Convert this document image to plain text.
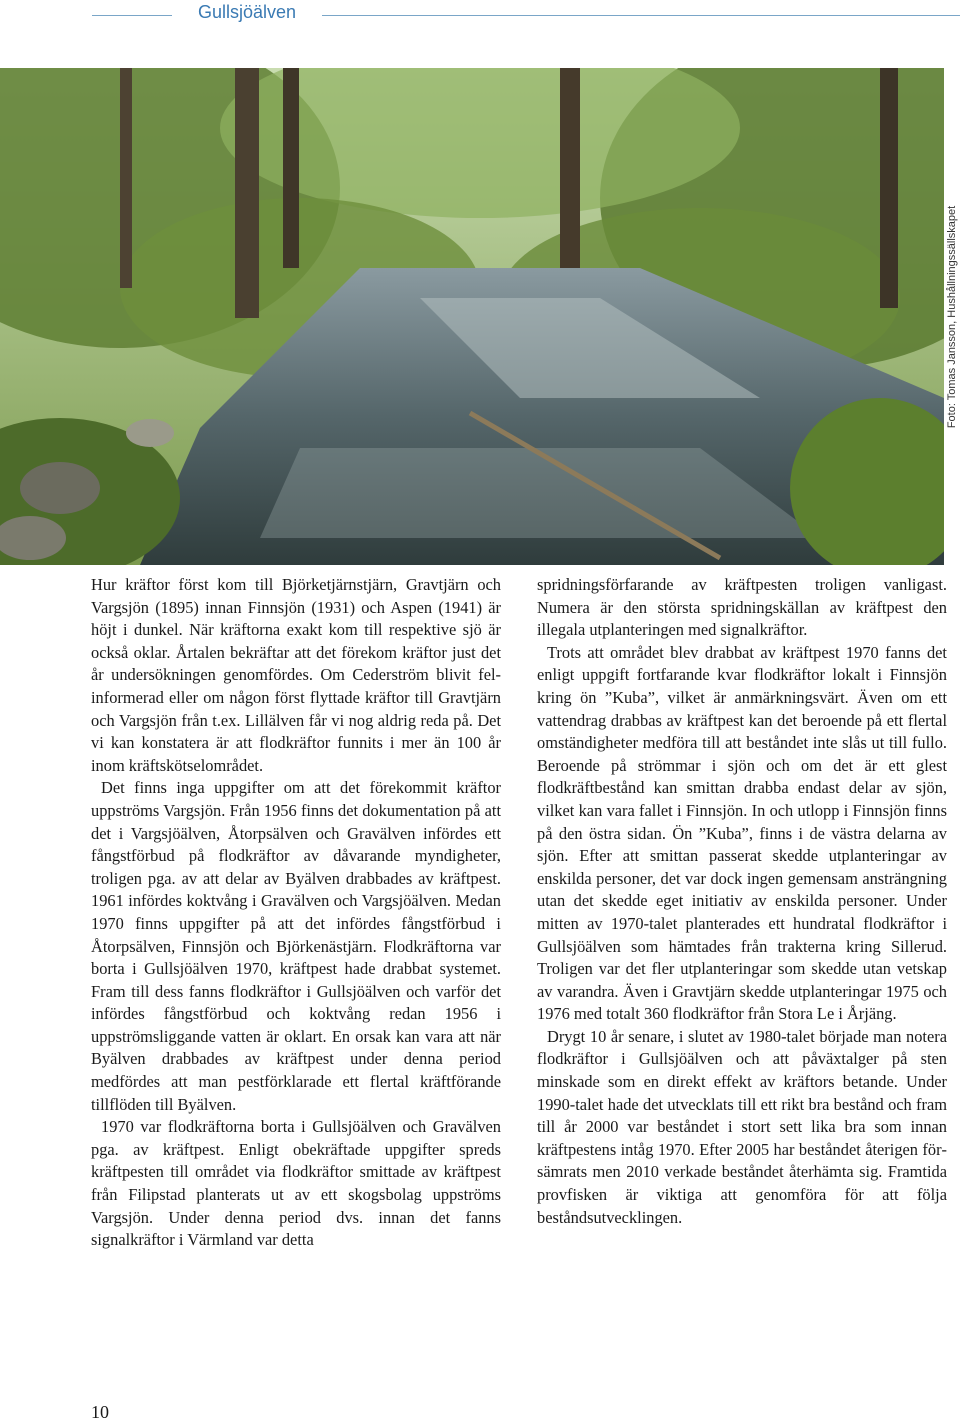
Gullsjöälven
Foto: Tomas Jansson, Hushållningssällskapet

Hur kräftor först kom till Björketjärnstjärn, Gravtjärn och Vargsjön (1895) innan Finnsjön (1931) och Aspen (1941) är höjt i dunkel. När kräftorna exakt kom till respektive sjö är också oklar. Årtalen bekräftar att det förekom kräftor just det år undersökningen genomfördes. Om Cederström blivit felinformerad eller om någon först flyttade kräftor till Gravtjärn och Vargsjön från t.ex. Lillälven får vi nog aldrig reda på. Det vi kan konstatera är att flodkräftor funnits i mer än 100 år inom kräftskötselområdet.

Det finns inga uppgifter om att det förekommit kräftor uppströms Vargsjön. Från 1956 finns det dokumentation på att det i Vargsjöälven, Åtorpsälven och Gravälven infördes ett fångstförbud på flodkräftor av dåvarande myndigheter, troligen pga. av att delar av Byälven drabbades av kräftpest. 1961 infördes koktvång i Gravälven och Vargsjöälven. Medan 1970 finns uppgifter på att det infördes fångstförbud i Åtorpsälven, Finnsjön och Björkenästjärn. Flodkräftorna var borta i Gullsjöälven 1970, kräftpest hade drabbat systemet. Fram till dess fanns flodkräftor i Gullsjöälven och varför det infördes fångstförbud och koktvång redan 1956 i uppströmsliggande vatten är oklart. En orsak kan vara att när Byälven drabbades av kräftpest under denna period medfördes att man pestförklarade ett flertal kräftförande tillflöden till Byälven.

1970 var flodkräftorna borta i Gullsjöälven och Gravälven pga. av kräftpest. Enligt obekräftade uppgifter spreds kräftpesten till området via flodkräftor smittade av kräftpest från Filipstad planterats ut av ett skogsbolag uppströms Vargsjön. Under denna period dvs. innan det fanns signalkräftor i Värmland var detta

spridningsförfarande av kräftpesten troligen vanligast. Numera är den största spridningskällan av kräftpest den illegala utplanteringen med signalkräftor.

Trots att området blev drabbat av kräftpest 1970 fanns det enligt uppgift fortfarande kvar flodkräftor lokalt i Finnsjön kring ön ”Kuba”, vilket är anmärkningsvärt. Även om ett vattendrag drabbas av kräftpest kan det beroende på ett flertal omständigheter medföra till att beståndet inte slås ut till fullo. Beroende på strömmar i sjön och om det är ett glest flodkräftbestånd kan smittan drabba endast delar av sjön, vilket kan vara fallet i Finnsjön. In och utlopp i Finnsjön finns på den östra sidan. Ön ”Kuba”, finns i de västra delarna av sjön. Efter att smittan passerat skedde utplanteringar av enskilda personer, det var dock ingen gemensam ansträngning utan det skedde eget initiativ av enskilda personer. Under mitten av 1970-talet planterades ett hundratal flodkräftor i Gullsjöälven som hämtades från trakterna kring Sillerud. Troligen var det fler utplanteringar som skedde utan vetskap av varandra. Även i Gravtjärn skedde utplanteringar 1975 och 1976 med totalt 360 flodkräftor från Stora Le i Årjäng.

Drygt 10 år senare, i slutet av 1980-talet började man notera flodkräftor i Gullsjöälven och att påväxtalger på sten minskade som en direkt effekt av kräftors betande. Under 1990-talet hade det utvecklats till ett rikt bra bestånd och fram till år 2000 var beståndet i stort sett lika bra som innan kräftpestens intåg 1970. Efter 2005 har beståndet återigen försämrats men 2010 verkade beståndet återhämta sig. Framtida provfisken är viktiga att genomföra för att följa beståndsutvecklingen.

10
